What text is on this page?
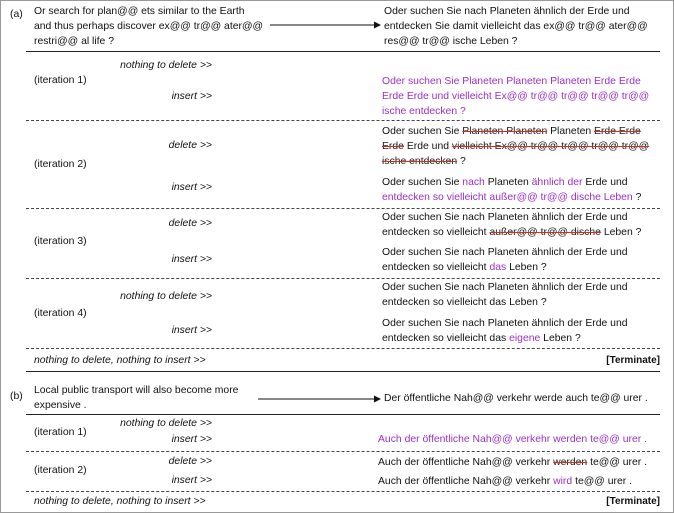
(a) Or search for plan@@ ets similar to the Earth
and thus perhaps discover ex@@ tr@@ ater@@
restri@@ al life ?
Oder suchen Sie nach Planeten ähnlich der Erde und
entdecken Sie damit vielleicht das ex@@ tr@@ ater@@
res@@ tr@@ ische Leben ?
nothing to delete >>
(iteration 1)
insert >>
Oder suchen Sie Planeten Planeten Planeten Erde Erde
Erde Erde und vielleicht Ex@@ tr@@ tr@@ tr@@ tr@@
ische entdecken ?
delete >>
(iteration 2)
insert >>
Oder suchen Sie Planeten Planeten Planeten Erde Erde
Erde Erde und vielleicht Ex@@ tr@@ tr@@ tr@@ tr@@
ische entdecken ?
Oder suchen Sie nach Planeten ähnlich der Erde und
entdecken so vielleicht außer@@ tr@@ dische Leben ?
delete >>
(iteration 3)
insert >>
Oder suchen Sie nach Planeten ähnlich der Erde und
entdecken so vielleicht außer@@ tr@@ dische Leben ?
Oder suchen Sie nach Planeten ähnlich der Erde und
entdecken so vielleicht das Leben ?
nothing to delete >>
(iteration 4)
insert >>
Oder suchen Sie nach Planeten ähnlich der Erde und
entdecken so vielleicht das Leben ?
Oder suchen Sie nach Planeten ähnlich der Erde und
entdecken so vielleicht das eigene Leben ?
nothing to delete, nothing to insert >>	[Terminate]
(b)
Local public transport will also become more
expensive .
Der öffentliche Nah@@ verkehr werde auch te@@ urer .
nothing to delete >>
(iteration 1)
insert >>	Auch der öffentliche Nah@@ verkehr werden te@@ urer .
delete >>
(iteration 2)
insert >>
Auch der öffentliche Nah@@ verkehr werden te@@ urer .
Auch der öffentliche Nah@@ verkehr wird te@@ urer .
nothing to delete, nothing to insert >>	[Terminate]
